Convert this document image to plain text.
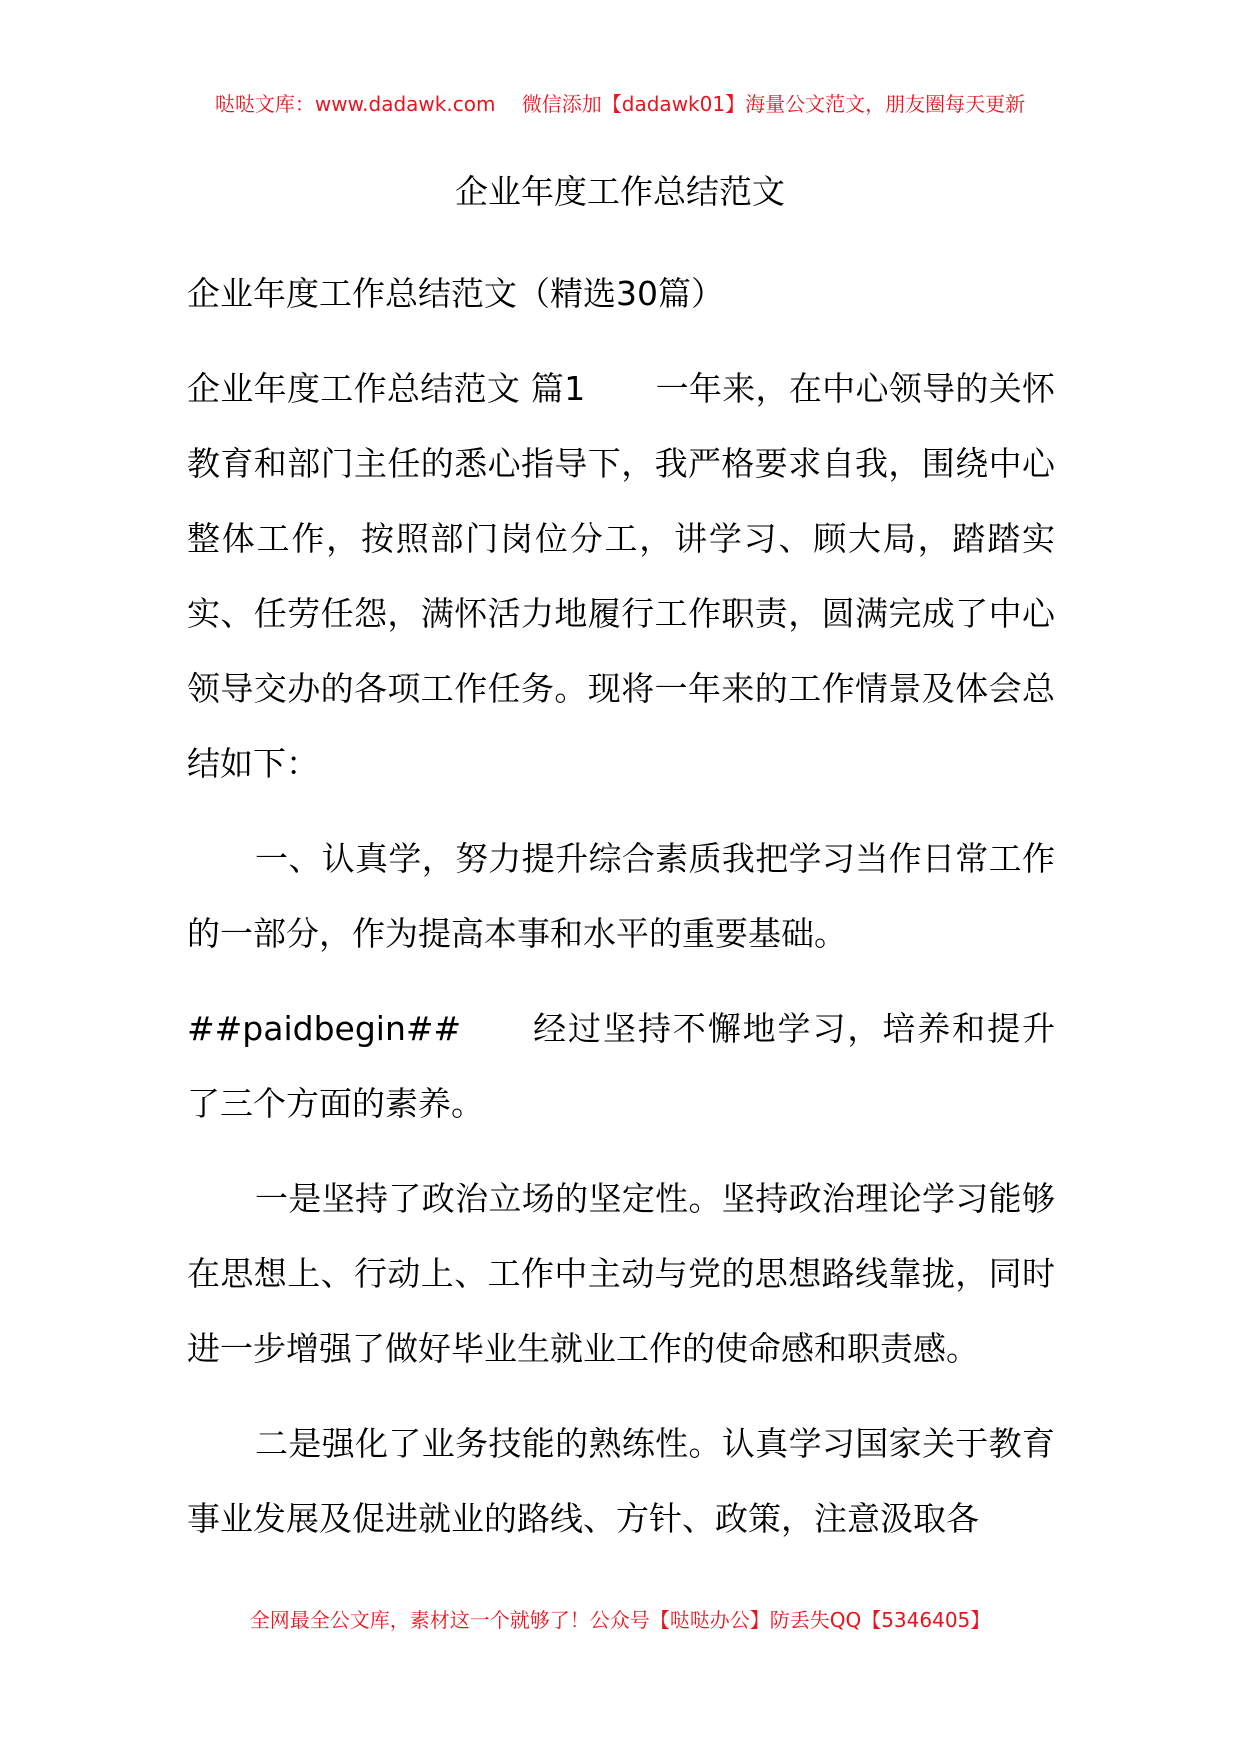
哒哒文库：www.dadawk.com　 微信添加【dadawk01】海量公文范文，朋友圈每天更新
企业年度工作总结范文

企业年度工作总结范文（精选30篇）

企业年度工作总结范文 篇1 一年来，在中心领导的关怀教育和部门主任的悉心指导下，我严格要求自我，围绕中心整体工作，按照部门岗位分工，讲学习、顾大局，踏踏实实、任劳任怨，满怀活力地履行工作职责，圆满完成了中心领导交办的各项工作任务。现将一年来的工作情景及体会总结如下：

一、认真学，努力提升综合素质我把学习当作日常工作的一部分，作为提高本事和水平的重要基础。

##paidbegin## 经过坚持不懈地学习，培养和提升了三个方面的素养。

一是坚持了政治立场的坚定性。坚持政治理论学习能够在思想上、行动上、工作中主动与党的思想路线靠拢，同时进一步增强了做好毕业生就业工作的使命感和职责感。

二是强化了业务技能的熟练性。认真学习国家关于教育事业发展及促进就业的路线、方针、政策，注意汲取各

全网最全公文库，素材这一个就够了！公众号【哒哒办公】防丢失QQ【5346405】
